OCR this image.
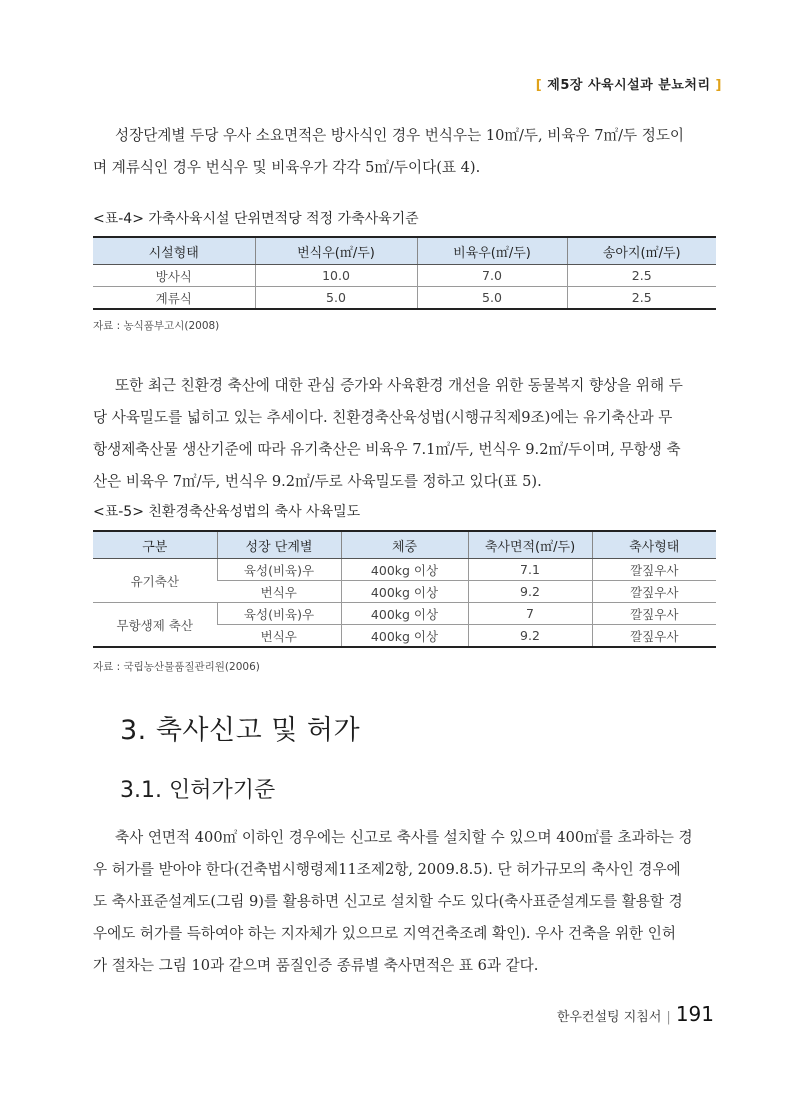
[ 제5장 사육시설과 분뇨처리 ]

성장단계별 두당 우사 소요면적은 방사식인 경우 번식우는 10㎡/두, 비육우 7㎡/두 정도이
며 계류식인 경우 번식우 및 비육우가 각각 5㎡/두이다(표 4).

<표-4> 가축사육시설 단위면적당 적정 가축사육기준
시설형태	번식우(㎡/두)	비육우(㎡/두)	송아지(㎡/두)
방사식	10.0	7.0	2.5
계류식	5.0	5.0	2.5
자료 : 농식품부고시(2008)

또한 최근 친환경 축산에 대한 관심 증가와 사육환경 개선을 위한 동물복지 향상을 위해 두
당 사육밀도를 넓히고 있는 추세이다. 친환경축산육성법(시행규칙제9조)에는 유기축산과 무
항생제축산물 생산기준에 따라 유기축산은 비육우 7.1㎡/두, 번식우 9.2㎡/두이며, 무항생 축
산은 비육우 7㎡/두, 번식우 9.2㎡/두로 사육밀도를 정하고 있다(표 5).

<표-5> 친환경축산육성법의 축사 사육밀도
구분	성장 단계별	체중	축사면적(㎡/두)	축사형태
유기축산	육성(비육)우	400kg 이상	7.1	깔짚우사
	번식우	400kg 이상	9.2	깔짚우사
무항생제 축산	육성(비육)우	400kg 이상	7	깔짚우사
	번식우	400kg 이상	9.2	깔짚우사
자료 : 국립농산물품질관리원(2006)
3. 축사신고 및 허가
3.1. 인허가기준

축사 연면적 400㎡ 이하인 경우에는 신고로 축사를 설치할 수 있으며 400㎡를 초과하는 경
우 허가를 받아야 한다(건축법시행령제11조제2항, 2009.8.5). 단 허가규모의 축사인 경우에
도 축사표준설계도(그림 9)를 활용하면 신고로 설치할 수도 있다(축사표준설계도를 활용할 경
우에도 허가를 득하여야 하는 지자체가 있으므로 지역건축조례 확인). 우사 건축을 위한 인허
가 절차는 그림 10과 같으며 품질인증 종류별 축사면적은 표 6과 같다.

한우컨설팅 지침서 | 191
